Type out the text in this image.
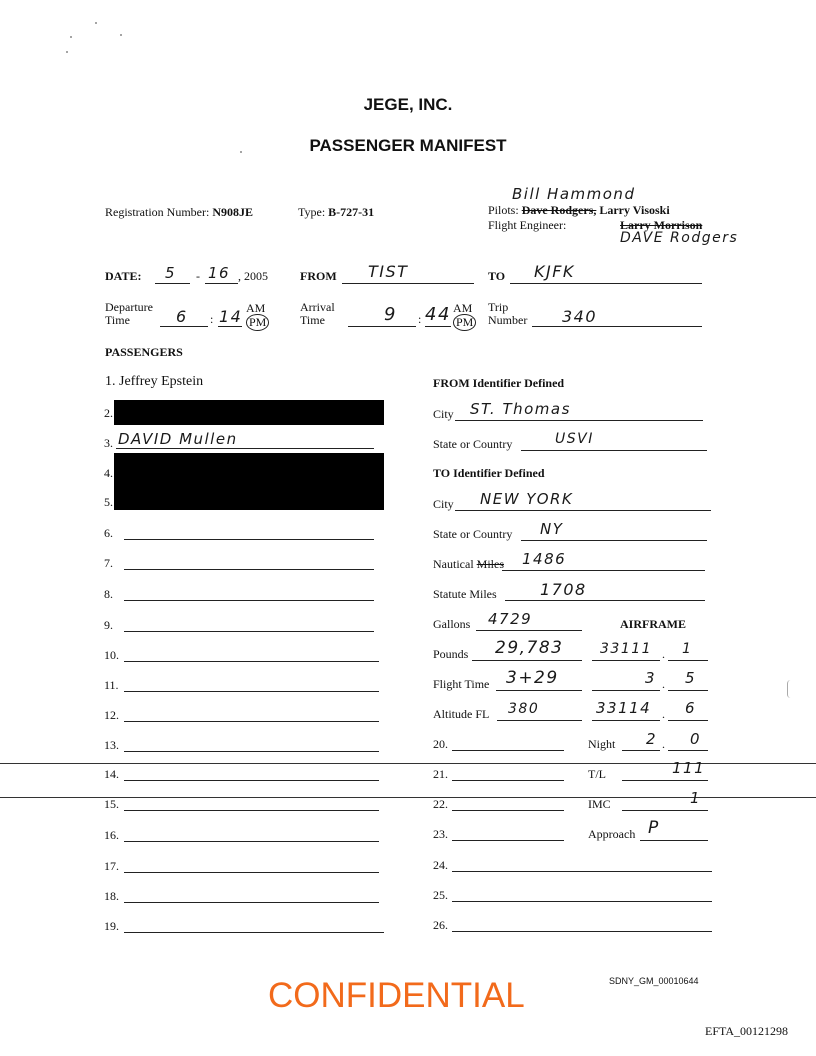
JEGE, INC.
PASSENGER MANIFEST
Registration Number: N908JE	Type: B-727-31
Bill Hammond
Pilots: Dave Rodgers, Larry Visoski
Flight Engineer:	Larry Morrison
DAVE Rodgers
DATE: 5 - 16 , 2005	FROM TIST	TO KJFK
Departure
Time	6 : 14 AM
PM
Arrival
Time	9 : 44 AM
PM
Trip
Number 340
PASSENGERS
1. Jeffrey Epstein
2.
3. DAVID Mullen
4.
5.
6.
7.
8.
9.
10.
11.
12.
13.
14.
15.
16.
17.
18.
19.
FROM Identifier Defined
City ST. Thomas
State or Country	USVI
TO Identifier Defined
City NEW YORK
State or Country NY
Nautical Miles 1486
Statute Miles	1708
Gallons 4729	AIRFRAME
Pounds 29,783	33111 . 1
Flight Time 3+29	3 . 5
Altitude FL 380	33114 . 6
20.	Night 2 . 0
21.	T/L	111
22.	IMC	1
23.	Approach P
24.
25.
26.
CONFIDENTIAL	SDNY_GM_00010644
EFTA_00121298
